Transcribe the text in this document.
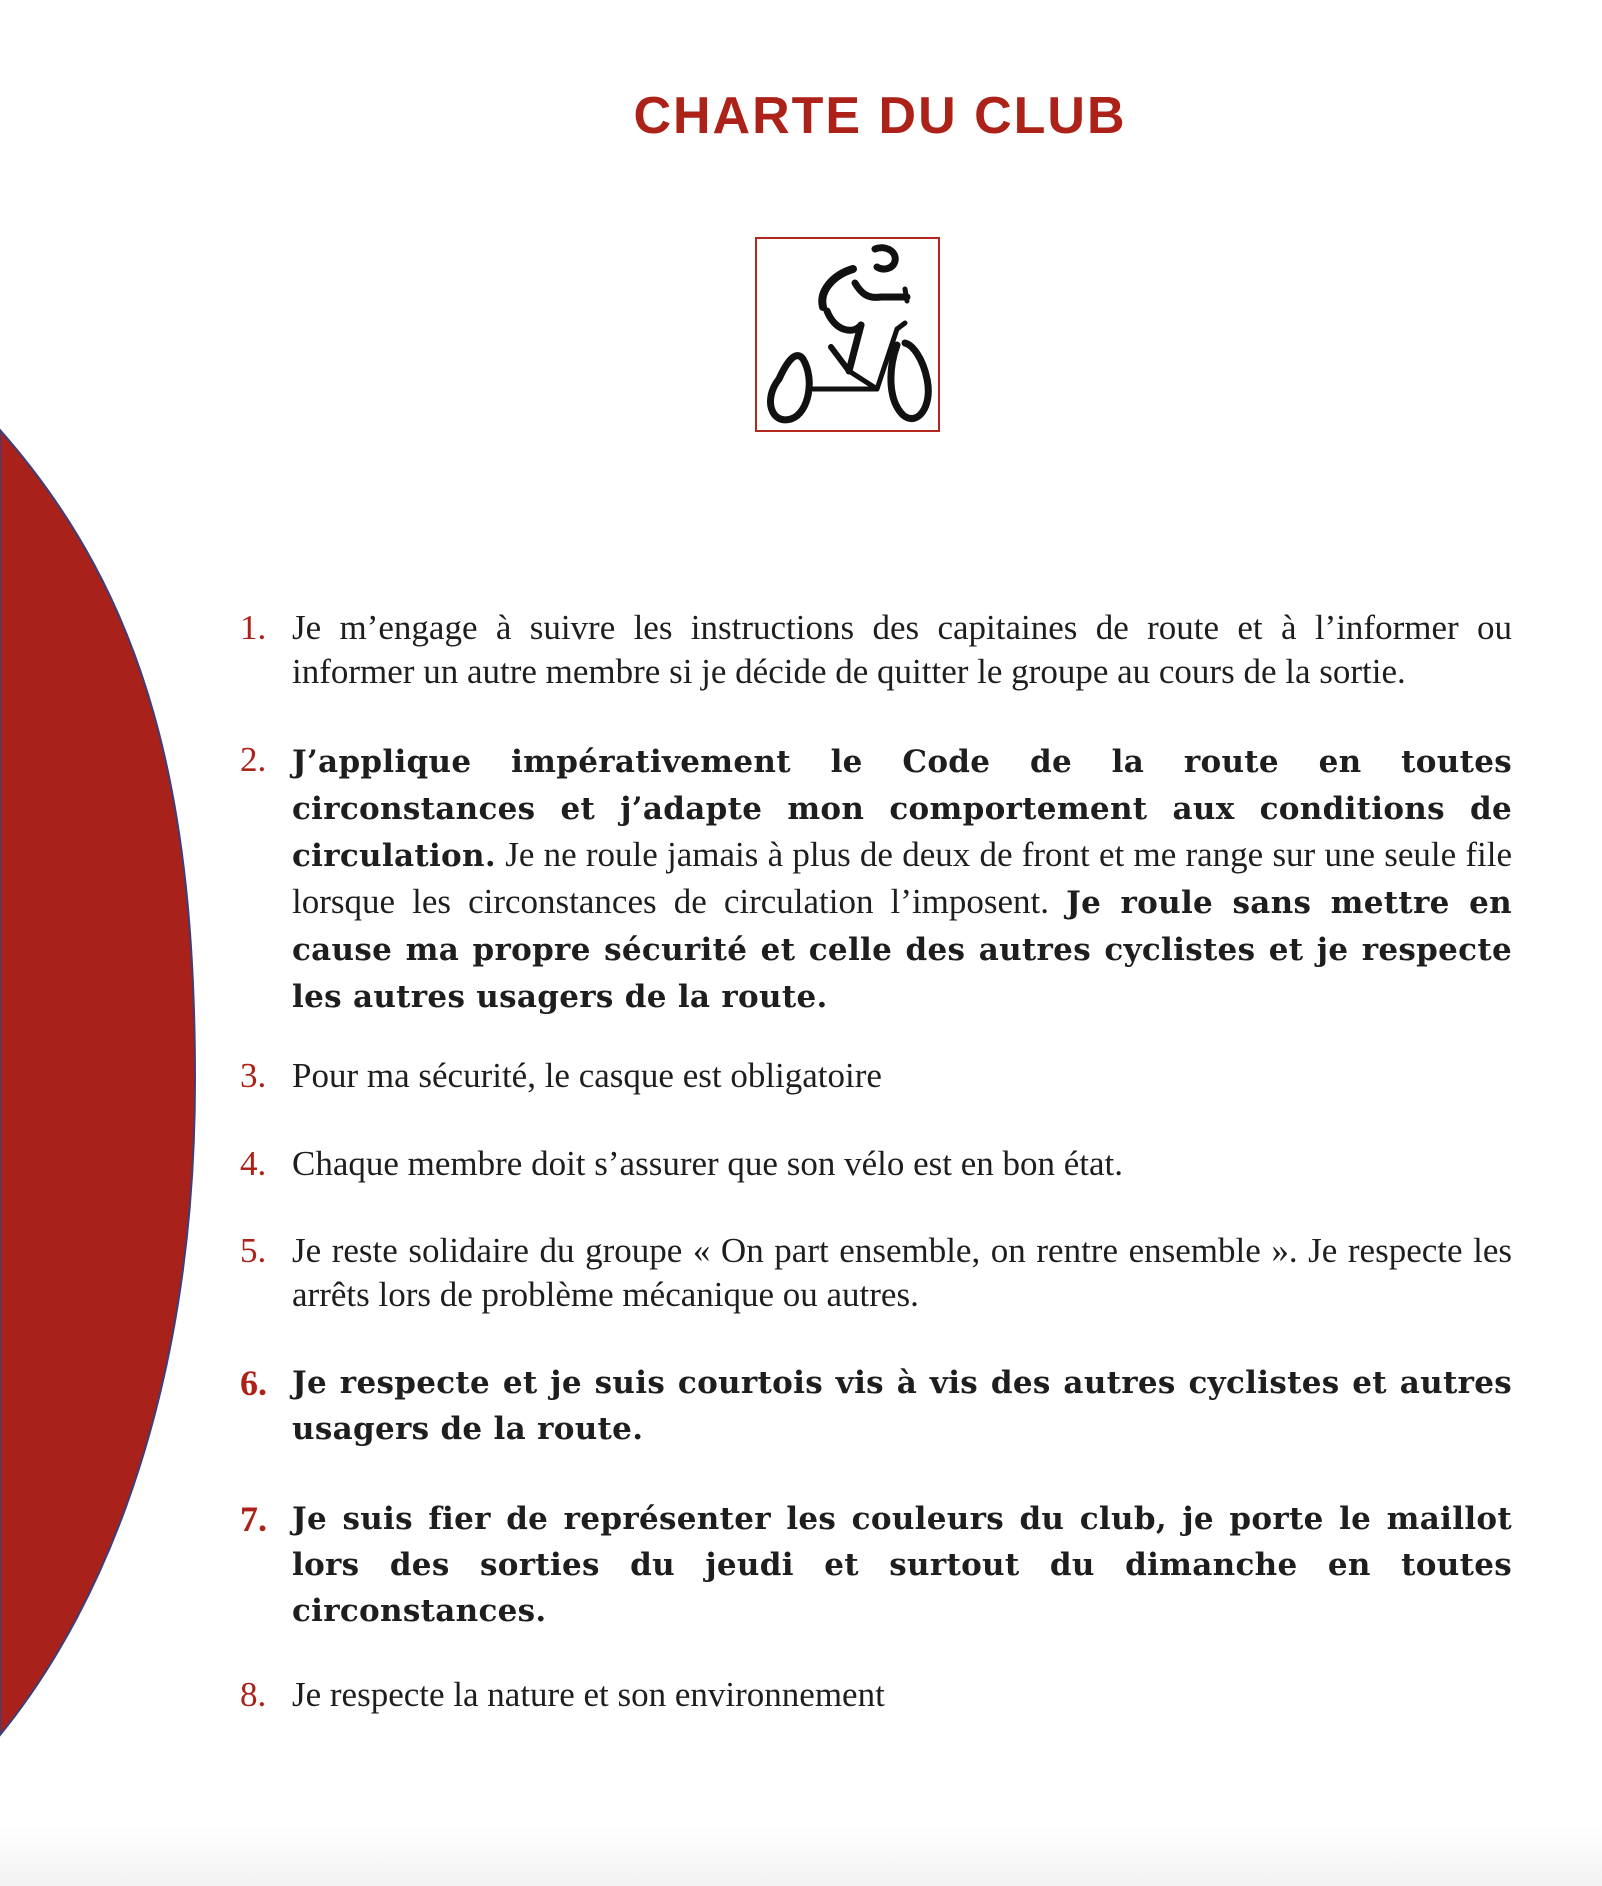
CHARTE DU CLUB
1. Je m’engage à suivre les instructions des capitaines de route et à l’informer ou informer un autre membre si je décide de quitter le groupe au cours de la sortie.
2. J’applique impérativement le Code de la route en toutes circonstances et j’adapte mon comportement aux conditions de circulation. Je ne roule jamais à plus de deux de front et me range sur une seule file lorsque les circonstances de circulation l’imposent. Je roule sans mettre en cause ma propre sécurité et celle des autres cyclistes et je respecte les autres usagers de la route.
3. Pour ma sécurité, le casque est obligatoire
4. Chaque membre doit s’assurer que son vélo est en bon état.
5. Je reste solidaire du groupe « On part ensemble, on rentre ensemble ». Je respecte les arrêts lors de problème mécanique ou autres.
6. Je respecte et je suis courtois vis à vis des autres cyclistes et autres usagers de la route.
7. Je suis fier de représenter les couleurs du club, je porte le maillot lors des sorties du jeudi et surtout du dimanche en toutes circonstances.
8. Je respecte la nature et son environnement
